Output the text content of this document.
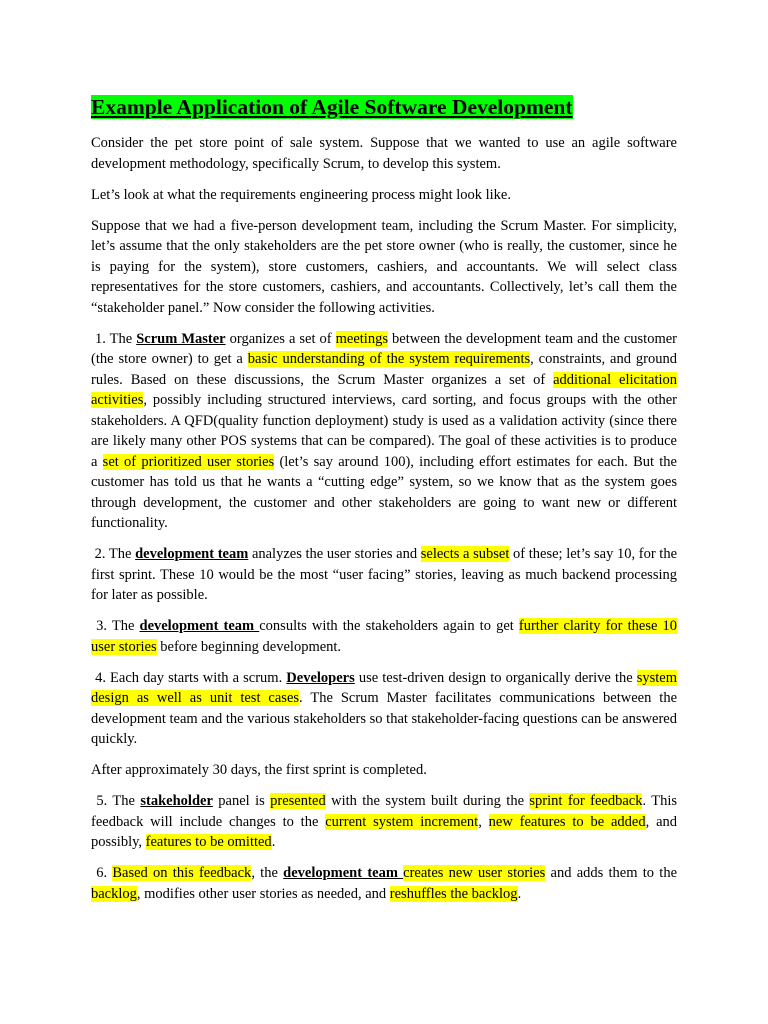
Example Application of Agile Software Development

Consider the pet store point of sale system. Suppose that we wanted to use an agile software development methodology, specifically Scrum, to develop this system.

Let’s look at what the requirements engineering process might look like.

Suppose that we had a five-person development team, including the Scrum Master. For simplicity, let’s assume that the only stakeholders are the pet store owner (who is really, the customer, since he is paying for the system), store customers, cashiers, and accountants. We will select class representatives for the store customers, cashiers, and accountants. Collectively, let’s call them the “stakeholder panel.” Now consider the following activities.

1. The Scrum Master organizes a set of meetings between the development team and the customer (the store owner) to get a basic understanding of the system requirements, constraints, and ground rules. Based on these discussions, the Scrum Master organizes a set of additional elicitation activities, possibly including structured interviews, card sorting, and focus groups with the other stakeholders. A QFD(quality function deployment) study is used as a validation activity (since there are likely many other POS systems that can be compared). The goal of these activities is to produce a set of prioritized user stories (let’s say around 100), including effort estimates for each. But the customer has told us that he wants a “cutting edge” system, so we know that as the system goes through development, the customer and other stakeholders are going to want new or different functionality.

2. The development team analyzes the user stories and selects a subset of these; let’s say 10, for the first sprint. These 10 would be the most “user facing” stories, leaving as much backend processing for later as possible.

3. The development team consults with the stakeholders again to get further clarity for these 10 user stories before beginning development.

4. Each day starts with a scrum. Developers use test-driven design to organically derive the system design as well as unit test cases. The Scrum Master facilitates communications between the development team and the various stakeholders so that stakeholder-facing questions can be answered quickly.

After approximately 30 days, the first sprint is completed.

5. The stakeholder panel is presented with the system built during the sprint for feedback. This feedback will include changes to the current system increment, new features to be added, and possibly, features to be omitted.

6. Based on this feedback, the development team creates new user stories and adds them to the backlog, modifies other user stories as needed, and reshuffles the backlog.
